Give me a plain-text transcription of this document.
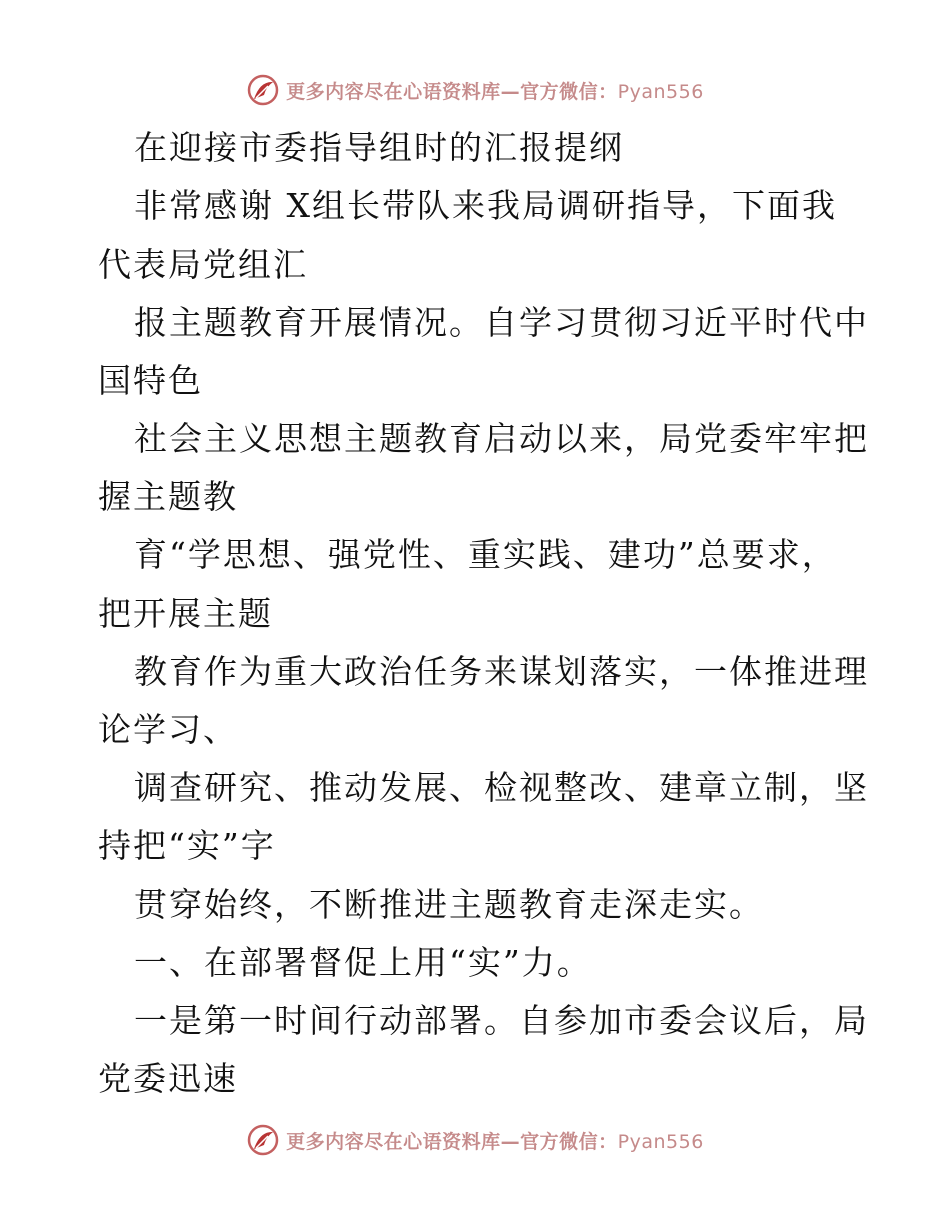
更多内容尽在心语资料库—官方微信：Pyan556
在迎接市委指导组时的汇报提纲
非常感谢 X组长带队来我局调研指导，下面我
代表局党组汇
报主题教育开展情况。自学习贯彻习近平时代中
国特色
社会主义思想主题教育启动以来，局党委牢牢把
握主题教
育“学思想、强党性、重实践、建功”总要求，
把开展主题
教育作为重大政治任务来谋划落实，一体推进理
论学习、
调查研究、推动发展、检视整改、建章立制，坚
持把“实”字
贯穿始终，不断推进主题教育走深走实。
一、在部署督促上用“实”力。
一是第一时间行动部署。自参加市委会议后，局
党委迅速
更多内容尽在心语资料库—官方微信：Pyan556
